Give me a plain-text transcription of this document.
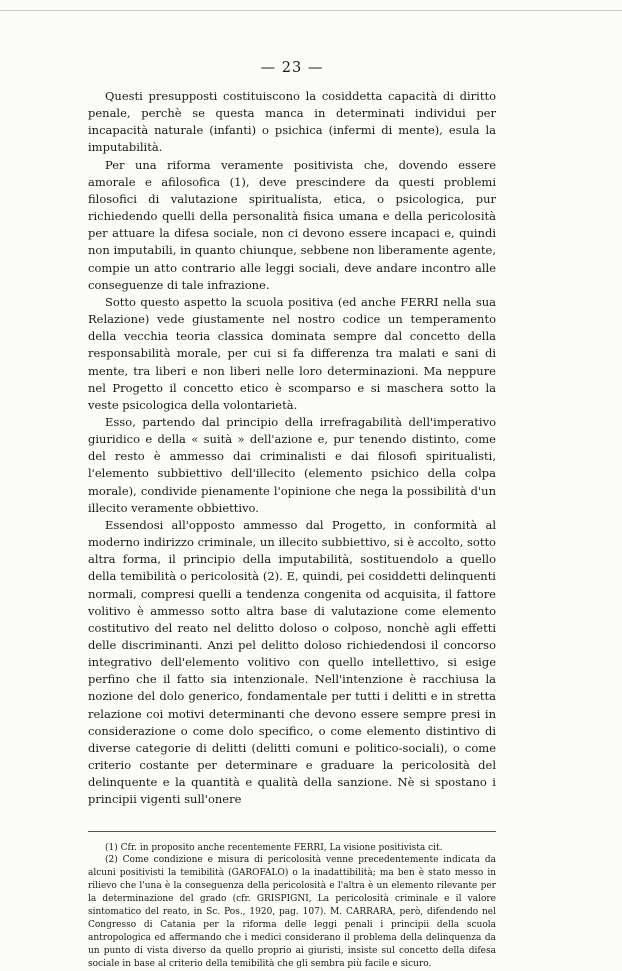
— 23 —

Questi presupposti costituiscono la cosiddetta capacità di diritto penale, perchè se questa manca in determinati individui per incapacità naturale (infanti) o psichica (infermi di mente), esula la imputabilità.

Per una riforma veramente positivista che, dovendo essere amorale e afilosofica (1), deve prescindere da questi problemi filosofici di valutazione spiritualista, etica, o psicologica, pur richiedendo quelli della personalità fisica umana e della pericolosità per attuare la difesa sociale, non ci devono essere incapaci e, quindi non imputabili, in quanto chiunque, sebbene non liberamente agente, compie un atto contrario alle leggi sociali, deve andare incontro alle conseguenze di tale infrazione.

Sotto questo aspetto la scuola positiva (ed anche FERRI nella sua Relazione) vede giustamente nel nostro codice un temperamento della vecchia teoria classica dominata sempre dal concetto della responsabilità morale, per cui si fa differenza tra malati e sani di mente, tra liberi e non liberi nelle loro determinazioni. Ma neppure nel Progetto il concetto etico è scomparso e si maschera sotto la veste psicologica della volontarietà.

Esso, partendo dal principio della irrefragabilità dell'imperativo giuridico e della « suità » dell'azione e, pur tenendo distinto, come del resto è ammesso dai criminalisti e dai filosofi spiritualisti, l'elemento subbiettivo dell'illecito (elemento psichico della colpa morale), condivide pienamente l'opinione che nega la possibilità d'un illecito veramente obbiettivo.

Essendosi all'opposto ammesso dal Progetto, in conformità al moderno indirizzo criminale, un illecito subbiettivo, si è accolto, sotto altra forma, il principio della imputabilità, sostituendolo a quello della temibilità o pericolosità (2). E, quindi, pei cosiddetti delinquenti normali, compresi quelli a tendenza congenita od acquisita, il fattore volitivo è ammesso sotto altra base di valutazione come elemento costitutivo del reato nel delitto doloso o colposo, nonchè agli effetti delle discriminanti. Anzi pel delitto doloso richiedendosi il concorso integrativo dell'elemento volitivo con quello intellettivo, si esige perfino che il fatto sia intenzionale. Nell'intenzione è racchiusa la nozione del dolo generico, fondamentale per tutti i delitti e in stretta relazione coi motivi determinanti che devono essere sempre presi in considerazione o come dolo specifico, o come elemento distintivo di diverse categorie di delitti (delitti comuni e politico-sociali), o come criterio costante per determinare e graduare la pericolosità del delinquente e la quantità e qualità della sanzione. Nè si spostano i principii vigenti sull'onere

(1) Cfr. in proposito anche recentemente FERRI, La visione positivista cit.

(2) Come condizione e misura di pericolosità venne precedentemente indicata da alcuni positivisti la temibilità (GAROFALO) o la inadattibilità; ma ben è stato messo in rilievo che l'una è la conseguenza della pericolosità e l'altra è un elemento rilevante per la determinazione del grado (cfr. GRISPIGNI, La pericolosità criminale e il valore sintomatico del reato, in Sc. Pos., 1920, pag. 107). M. CARRARA, però, difendendo nel Congresso di Catania per la riforma delle leggi penali i principii della scuola antropologica ed affermando che i medici considerano il problema della delinquenza da un punto di vista diverso da quello proprio ai giuristi, insiste sul concetto della difesa sociale in base al criterio della temibilità che gli sembra più facile e sicuro.
